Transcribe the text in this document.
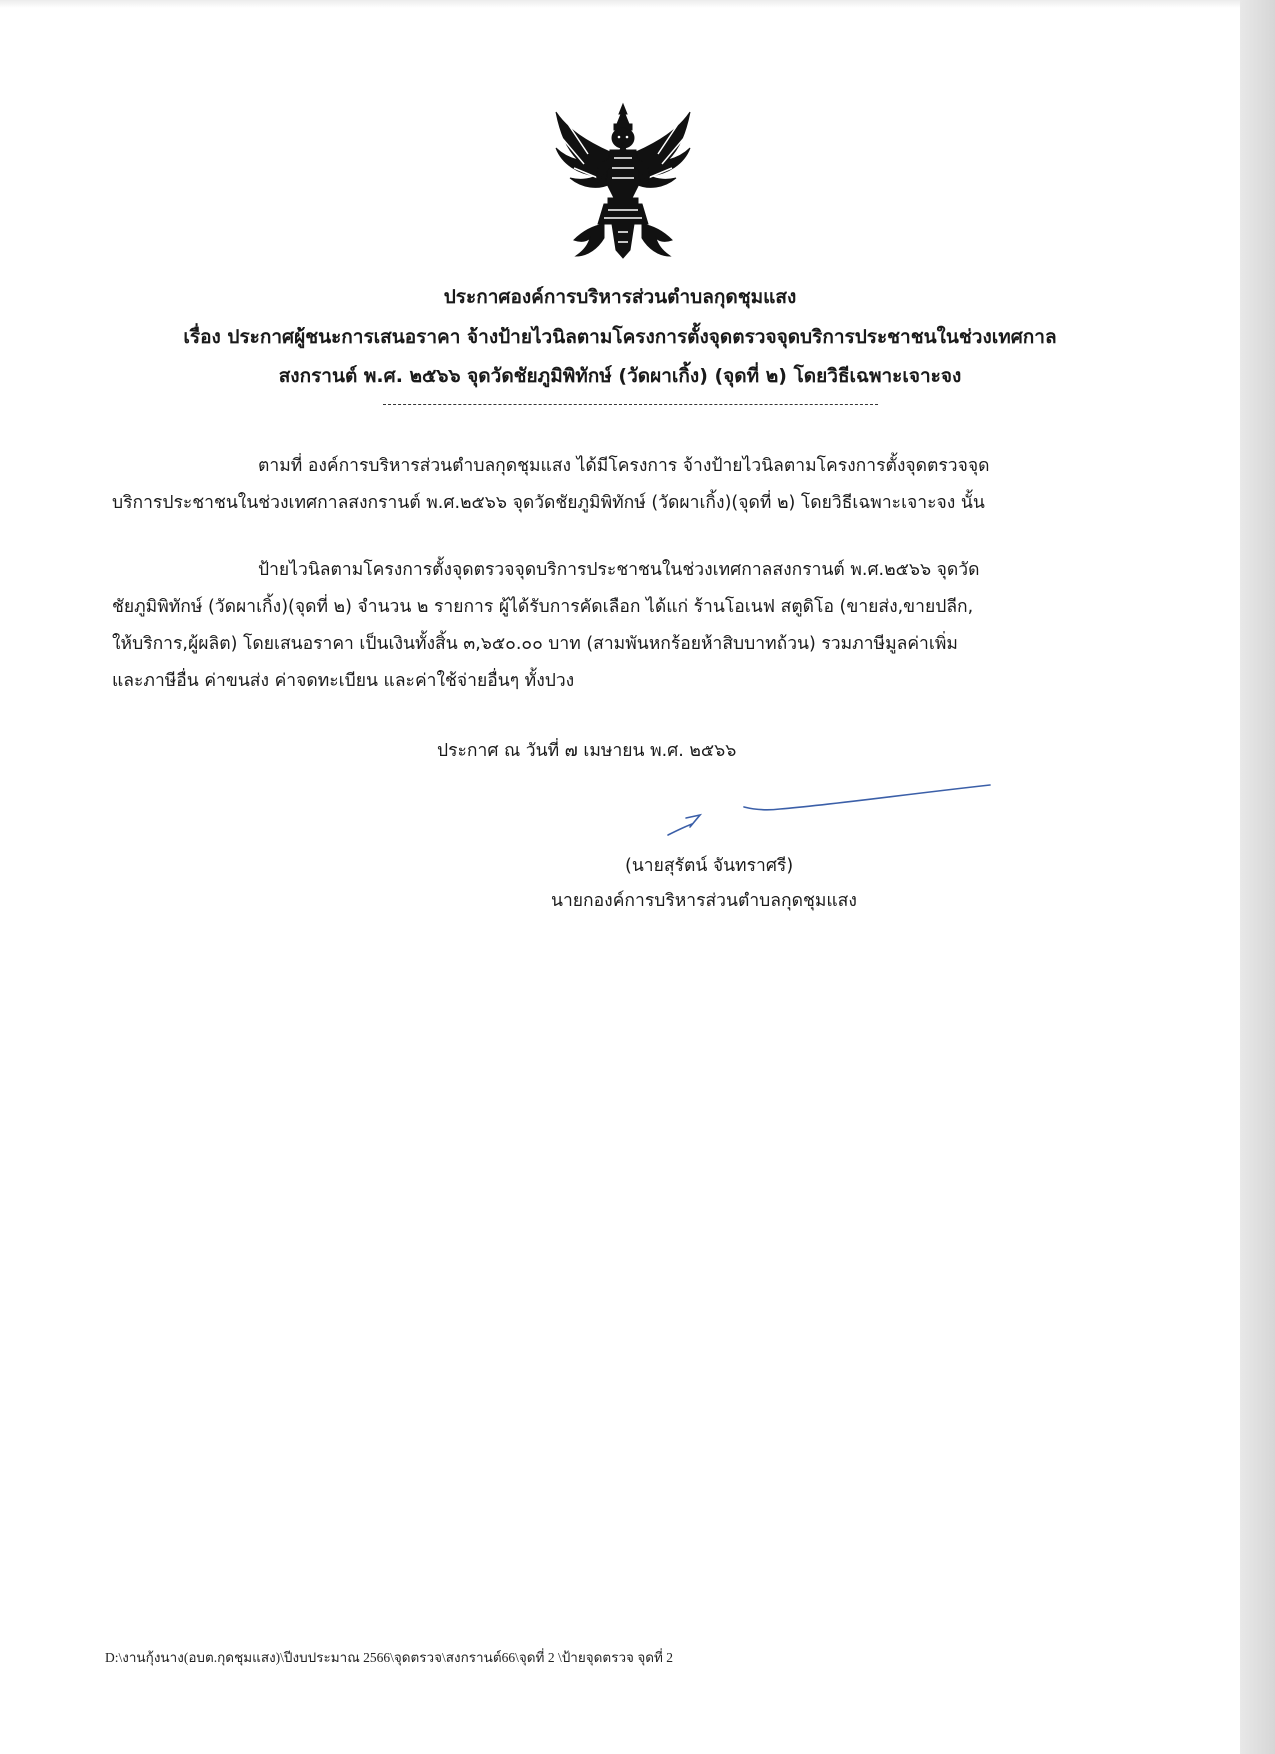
ประกาศองค์การบริหารส่วนตำบลกุดชุมแสง
เรื่อง ประกาศผู้ชนะการเสนอราคา จ้างป้ายไวนิลตามโครงการตั้งจุดตรวจจุดบริการประชาชนในช่วงเทศกาล
สงกรานต์ พ.ศ. ๒๕๖๖ จุดวัดชัยภูมิพิทักษ์ (วัดผาเกิ้ง) (จุดที่ ๒) โดยวิธีเฉพาะเจาะจง
ตามที่ องค์การบริหารส่วนตำบลกุดชุมแสง ได้มีโครงการ จ้างป้ายไวนิลตามโครงการตั้งจุดตรวจจุด
บริการประชาชนในช่วงเทศกาลสงกรานต์ พ.ศ.๒๕๖๖ จุดวัดชัยภูมิพิทักษ์ (วัดผาเกิ้ง)(จุดที่ ๒) โดยวิธีเฉพาะเจาะจง นั้น
ป้ายไวนิลตามโครงการตั้งจุดตรวจจุดบริการประชาชนในช่วงเทศกาลสงกรานต์ พ.ศ.๒๕๖๖ จุดวัด
ชัยภูมิพิทักษ์ (วัดผาเกิ้ง)(จุดที่ ๒) จำนวน ๒ รายการ ผู้ได้รับการคัดเลือก ได้แก่ ร้านโอเนฟ สตูดิโอ (ขายส่ง,ขายปลีก,
ให้บริการ,ผู้ผลิต) โดยเสนอราคา เป็นเงินทั้งสิ้น ๓,๖๕๐.๐๐ บาท (สามพันหกร้อยห้าสิบบาทถ้วน) รวมภาษีมูลค่าเพิ่ม
และภาษีอื่น ค่าขนส่ง ค่าจดทะเบียน และค่าใช้จ่ายอื่นๆ ทั้งปวง
ประกาศ ณ วันที่ ๗ เมษายน พ.ศ. ๒๕๖๖
(นายสุรัตน์ จันทราศรี)
นายกองค์การบริหารส่วนตำบลกุดชุมแสง
D:\งานกุ้งนาง(อบต.กุดชุมแสง)\ปีงบประมาณ 2566\จุดตรวจ\สงกรานต์66\จุดที่ 2 \ป้ายจุดตรวจ จุดที่ 2
